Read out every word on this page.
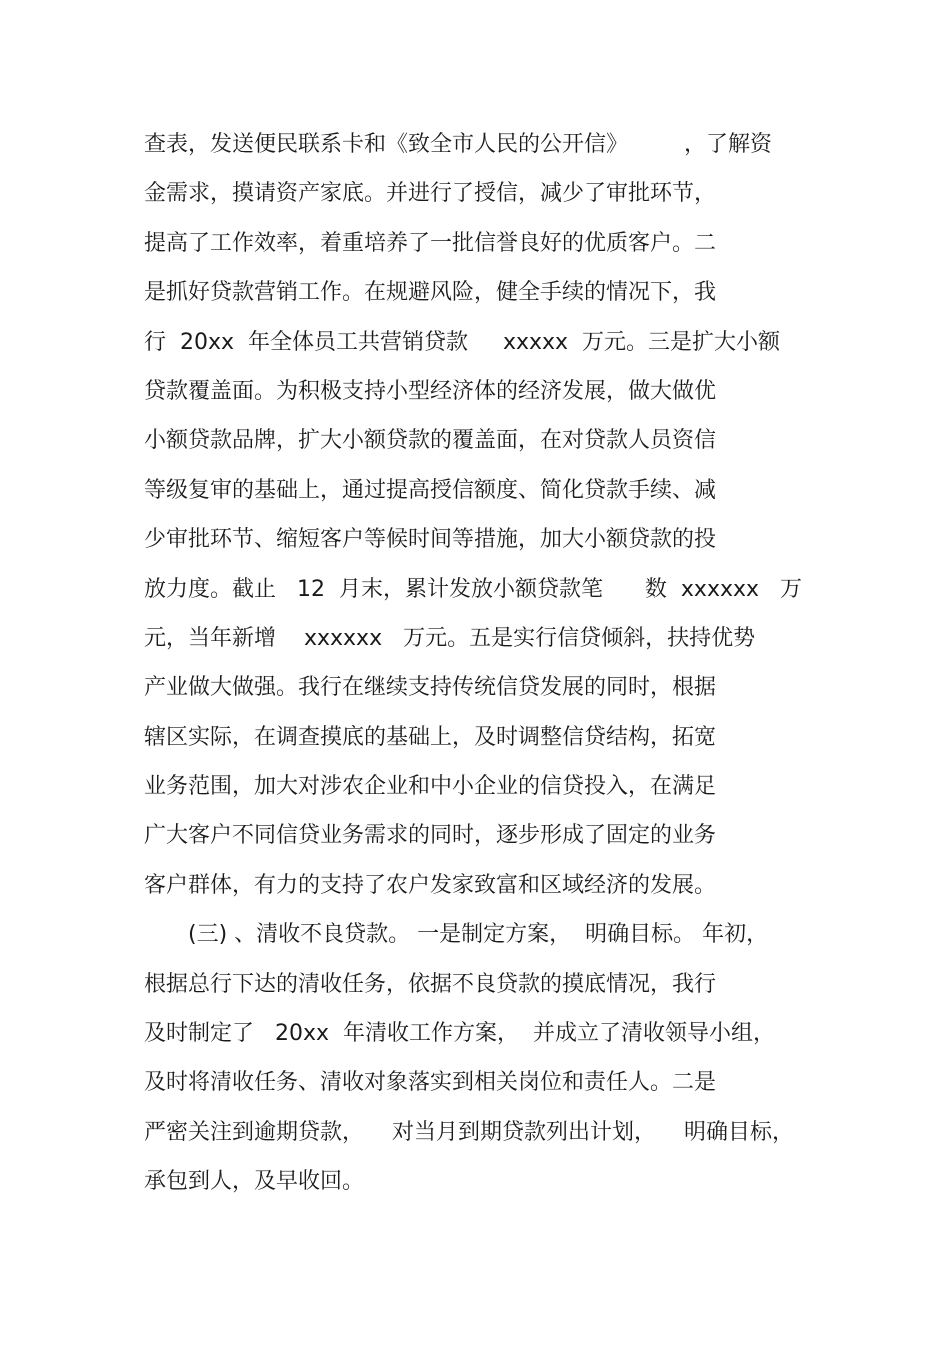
查表，发送便民联系卡和《致全市人民的公开信》        ，了解资
金需求，摸请资产家底。并进行了授信，减少了审批环节，
提高了工作效率，着重培养了一批信誉良好的优质客户。二
是抓好贷款营销工作。在规避风险，健全手续的情况下，我
行  20xx  年全体员工共营销贷款     xxxxx  万元。三是扩大小额
贷款覆盖面。为积极支持小型经济体的经济发展，做大做优
小额贷款品牌，扩大小额贷款的覆盖面，在对贷款人员资信
等级复审的基础上，通过提高授信额度、简化贷款手续、减
少审批环节、缩短客户等候时间等措施，加大小额贷款的投
放力度。截止   12  月末，累计发放小额贷款笔      数  xxxxxx   万
元，当年新增    xxxxxx   万元。五是实行信贷倾斜，扶持优势
产业做大做强。我行在继续支持传统信贷发展的同时，根据
辖区实际，在调查摸底的基础上，及时调整信贷结构，拓宽
业务范围，加大对涉农企业和中小企业的信贷投入，在满足
广大客户不同信贷业务需求的同时，逐步形成了固定的业务
客户群体，有力的支持了农户发家致富和区域经济的发展。
(三) 、清收不良贷款。 一是制定方案，  明确目标。 年初，
根据总行下达的清收任务，依据不良贷款的摸底情况，我行
及时制定了   20xx  年清收工作方案，  并成立了清收领导小组，
及时将清收任务、清收对象落实到相关岗位和责任人。二是
严密关注到逾期贷款，    对当月到期贷款列出计划，    明确目标，
承包到人，及早收回。
